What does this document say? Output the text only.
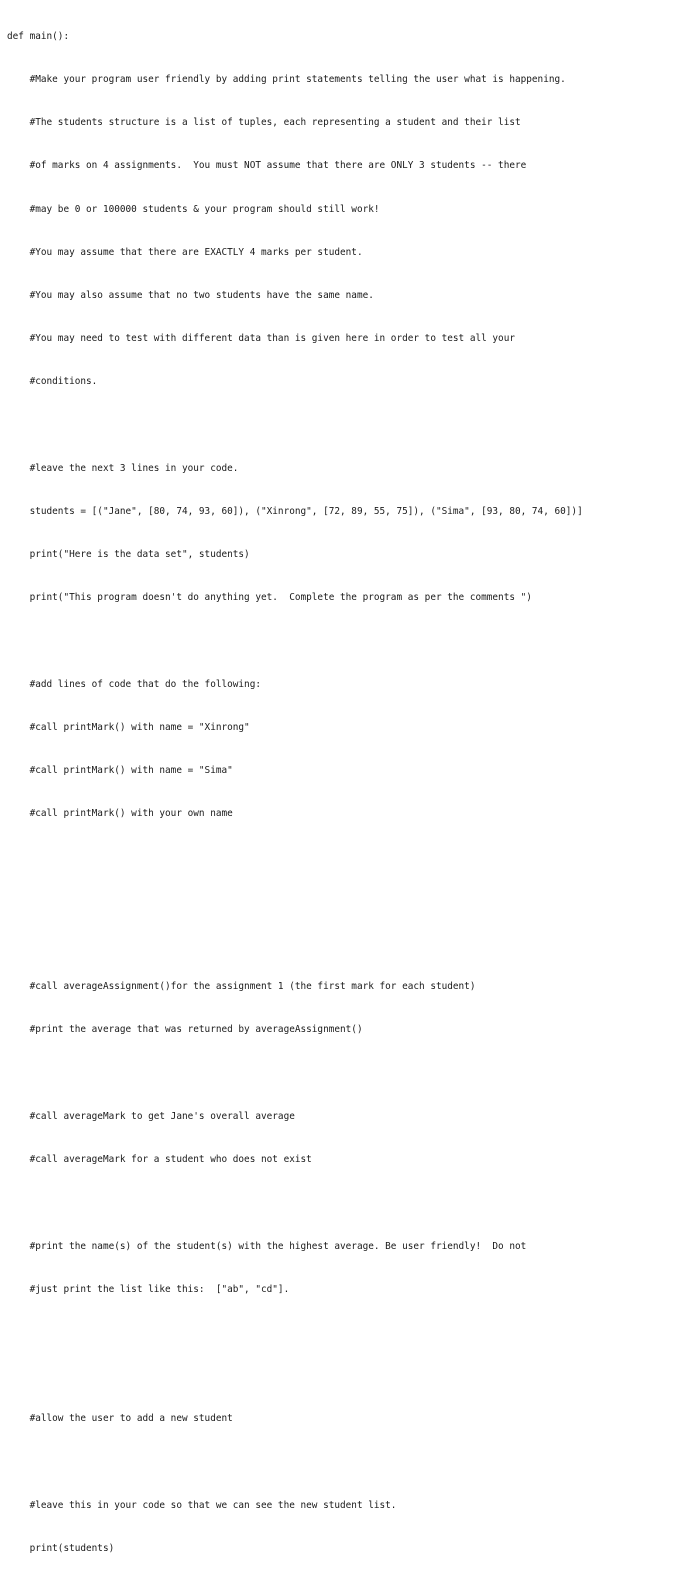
def main():

#Make your program user friendly by adding print statements telling the user what is happening.

#The students structure is a list of tuples, each representing a student and their list

#of marks on 4 assignments.  You must NOT assume that there are ONLY 3 students -- there

#may be 0 or 100000 students & your program should still work!

#You may assume that there are EXACTLY 4 marks per student.

#You may also assume that no two students have the same name.

#You may need to test with different data than is given here in order to test all your

#conditions.

#leave the next 3 lines in your code.

students = [("Jane", [80, 74, 93, 60]), ("Xinrong", [72, 89, 55, 75]), ("Sima", [93, 80, 74, 60])]

print("Here is the data set", students)

print("This program doesn't do anything yet.  Complete the program as per the comments ")

#add lines of code that do the following:

#call printMark() with name = "Xinrong"

#call printMark() with name = "Sima"

#call printMark() with your own name

#call averageAssignment()for the assignment 1 (the first mark for each student)

#print the average that was returned by averageAssignment()

#call averageMark to get Jane's overall average

#call averageMark for a student who does not exist

#print the name(s) of the student(s) with the highest average. Be user friendly!  Do not

#just print the list like this:  ["ab", "cd"].

#allow the user to add a new student

#leave this in your code so that we can see the new student list.

print(students)
